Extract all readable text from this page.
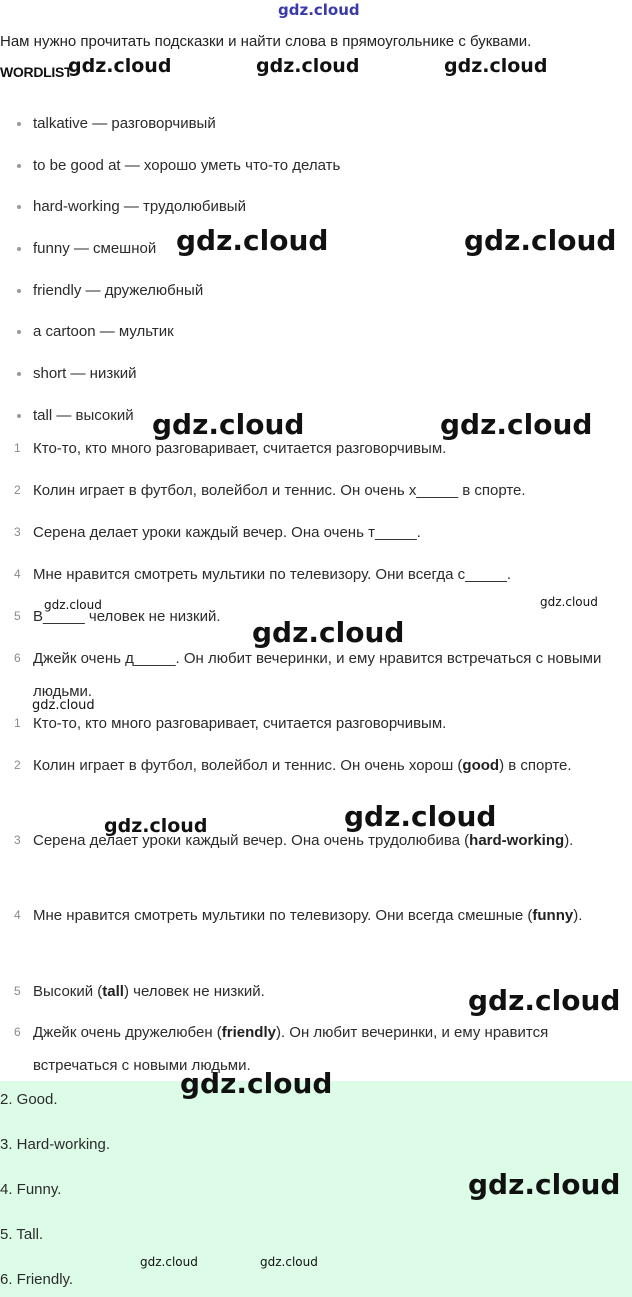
gdz.cloud
gdz.cloud	gdz.cloud	gdz.cloud
gdz.cloud	gdz.cloud
gdz.cloud	gdz.cloud
gdz.cloud	gdz.cloud
gdz.cloud
gdz.cloud
gdz.cloud	gdz.cloud
gdz.cloud
gdz.cloud
gdz.cloud
gdz.cloud	gdz.cloud
Нам нужно прочитать подсказки и найти слова в прямоугольнике с буквами.
WORDLIST
talkative — разговорчивый
to be good at — хорошо уметь что-то делать
hard-working — трудолюбивый
funny — смешной
friendly — дружелюбный
a cartoon — мультик
short — низкий
tall — высокий
1 Кто-то, кто много разговаривает, считается разговорчивым.
2 Колин играет в футбол, волейбол и теннис. Он очень х_____ в спорте.
3 Серена делает уроки каждый вечер. Она очень т_____.
4 Мне нравится смотреть мультики по телевизору. Они всегда с_____.
5 В_____ человек не низкий.
6 Джейк очень д_____. Он любит вечеринки, и ему нравится встречаться с новыми людьми.
1 Кто-то, кто много разговаривает, считается разговорчивым.
2 Колин играет в футбол, волейбол и теннис. Он очень хорош (good) в спорте.
3 Серена делает уроки каждый вечер. Она очень трудолюбива (hard-working).
4 Мне нравится смотреть мультики по телевизору. Они всегда смешные (funny).
5 Высокий (tall) человек не низкий.
6 Джейк очень дружелюбен (friendly). Он любит вечеринки, и ему нравится встречаться с новыми людьми.
2. Good.
3. Hard-working.
4. Funny.
5. Tall.
6. Friendly.
